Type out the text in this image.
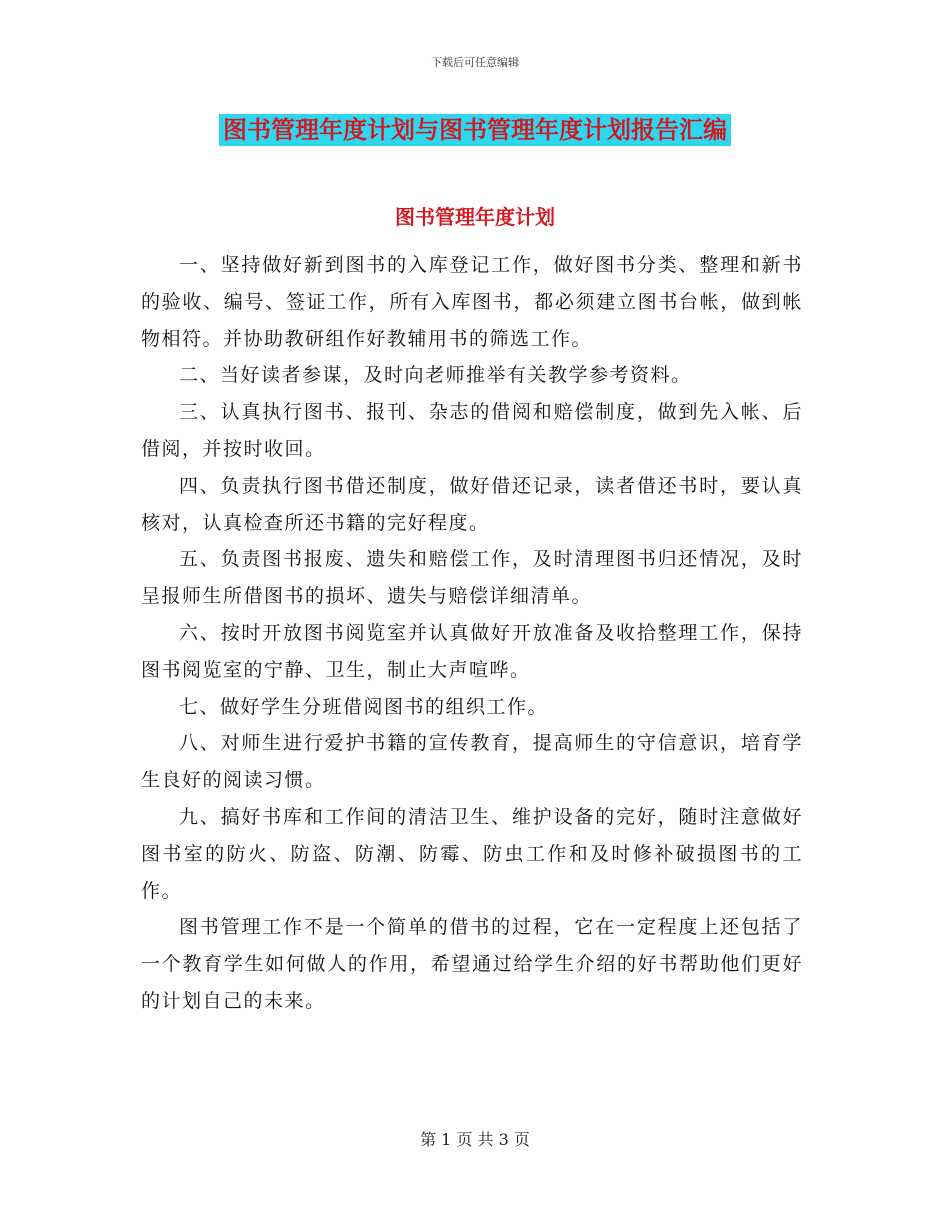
下载后可任意编辑
图书管理年度计划与图书管理年度计划报告汇编
图书管理年度计划

一、坚持做好新到图书的入库登记工作，做好图书分类、整理和新书的验收、编号、签证工作，所有入库图书，都必须建立图书台帐，做到帐物相符。并协助教研组作好教辅用书的筛选工作。

二、当好读者参谋，及时向老师推举有关教学参考资料。

三、认真执行图书、报刊、杂志的借阅和赔偿制度，做到先入帐、后借阅，并按时收回。

四、负责执行图书借还制度，做好借还记录，读者借还书时，要认真核对，认真检查所还书籍的完好程度。

五、负责图书报废、遗失和赔偿工作，及时清理图书归还情况，及时呈报师生所借图书的损坏、遗失与赔偿详细清单。

六、按时开放图书阅览室并认真做好开放准备及收拾整理工作，保持图书阅览室的宁静、卫生，制止大声喧哗。

七、做好学生分班借阅图书的组织工作。

八、对师生进行爱护书籍的宣传教育，提高师生的守信意识，培育学生良好的阅读习惯。

九、搞好书库和工作间的清洁卫生、维护设备的完好，随时注意做好图书室的防火、防盗、防潮、防霉、防虫工作和及时修补破损图书的工作。

图书管理工作不是一个简单的借书的过程，它在一定程度上还包括了一个教育学生如何做人的作用，希望通过给学生介绍的好书帮助他们更好的计划自己的未来。

第 1 页 共 3 页
